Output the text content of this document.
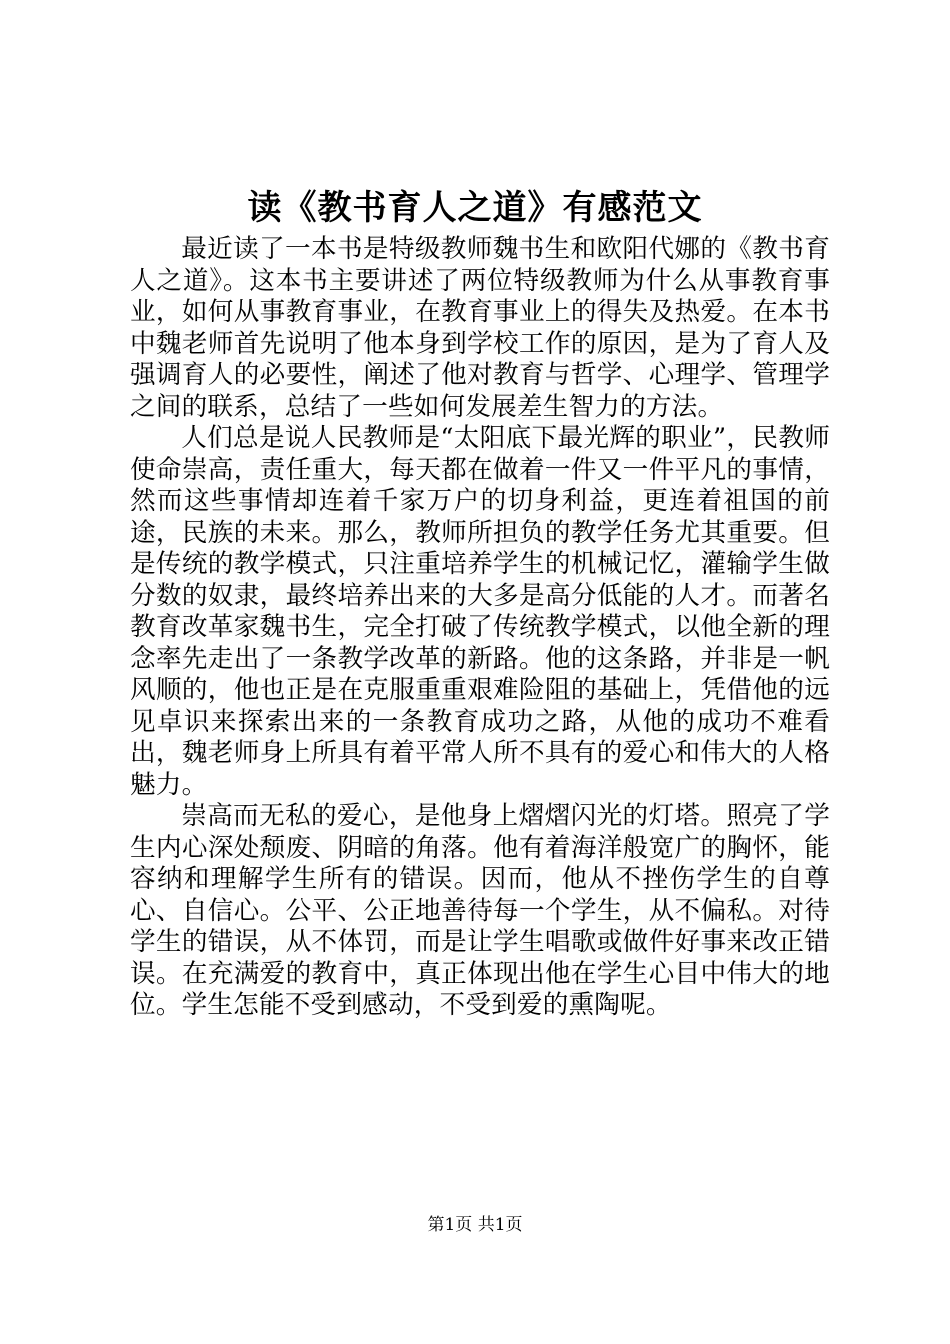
读《教书育人之道》有感范文

最近读了一本书是特级教师魏书生和欧阳代娜的《教书育人之道》。这本书主要讲述了两位特级教师为什么从事教育事业，如何从事教育事业，在教育事业上的得失及热爱。在本书中魏老师首先说明了他本身到学校工作的原因，是为了育人及强调育人的必要性，阐述了他对教育与哲学、心理学、管理学之间的联系，总结了一些如何发展差生智力的方法。

人们总是说人民教师是“太阳底下最光辉的职业”，民教师使命崇高，责任重大，每天都在做着一件又一件平凡的事情，然而这些事情却连着千家万户的切身利益，更连着祖国的前途，民族的未来。那么，教师所担负的教学任务尤其重要。但是传统的教学模式，只注重培养学生的机械记忆，灌输学生做分数的奴隶，最终培养出来的大多是高分低能的人才。而著名教育改革家魏书生，完全打破了传统教学模式，以他全新的理念率先走出了一条教学改革的新路。他的这条路，并非是一帆风顺的，他也正是在克服重重艰难险阻的基础上，凭借他的远见卓识来探索出来的一条教育成功之路，从他的成功不难看出，魏老师身上所具有着平常人所不具有的爱心和伟大的人格魅力。

崇高而无私的爱心，是他身上熠熠闪光的灯塔。照亮了学生内心深处颓废、阴暗的角落。他有着海洋般宽广的胸怀，能容纳和理解学生所有的错误。因而，他从不挫伤学生的自尊心、自信心。公平、公正地善待每一个学生，从不偏私。对待学生的错误，从不体罚，而是让学生唱歌或做件好事来改正错误。在充满爱的教育中，真正体现出他在学生心目中伟大的地位。学生怎能不受到感动，不受到爱的熏陶呢。

第1页 共1页
